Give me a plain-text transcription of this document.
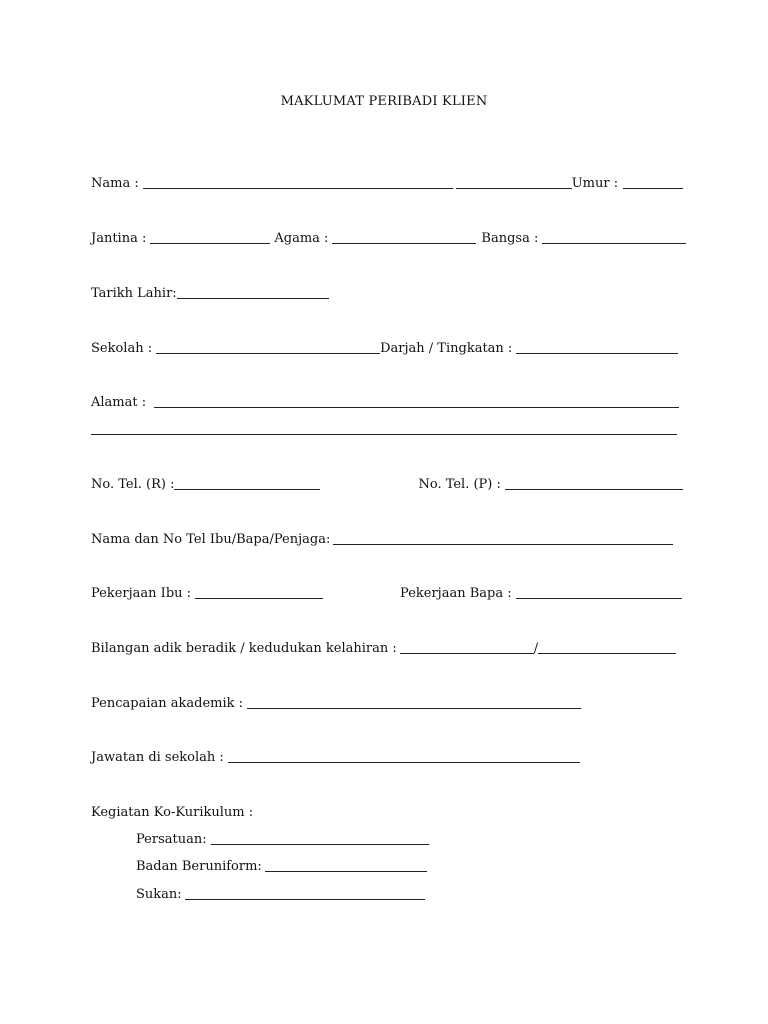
MAKLUMAT PERIBADI KLIEN
Nama :	Umur :
Jantina :	Agama :	Bangsa :
Tarikh Lahir:
Sekolah :	Darjah / Tingkatan :
Alamat :
No. Tel. (R) :	No. Tel. (P) :
Nama dan No Tel Ibu/Bapa/Penjaga:
Pekerjaan Ibu :	Pekerjaan Bapa :
Bilangan adik beradik / kedudukan kelahiran :	/
Pencapaian akademik :
Jawatan di sekolah :
Kegiatan Ko-Kurikulum :
Persatuan:
Badan Beruniform:
Sukan:
